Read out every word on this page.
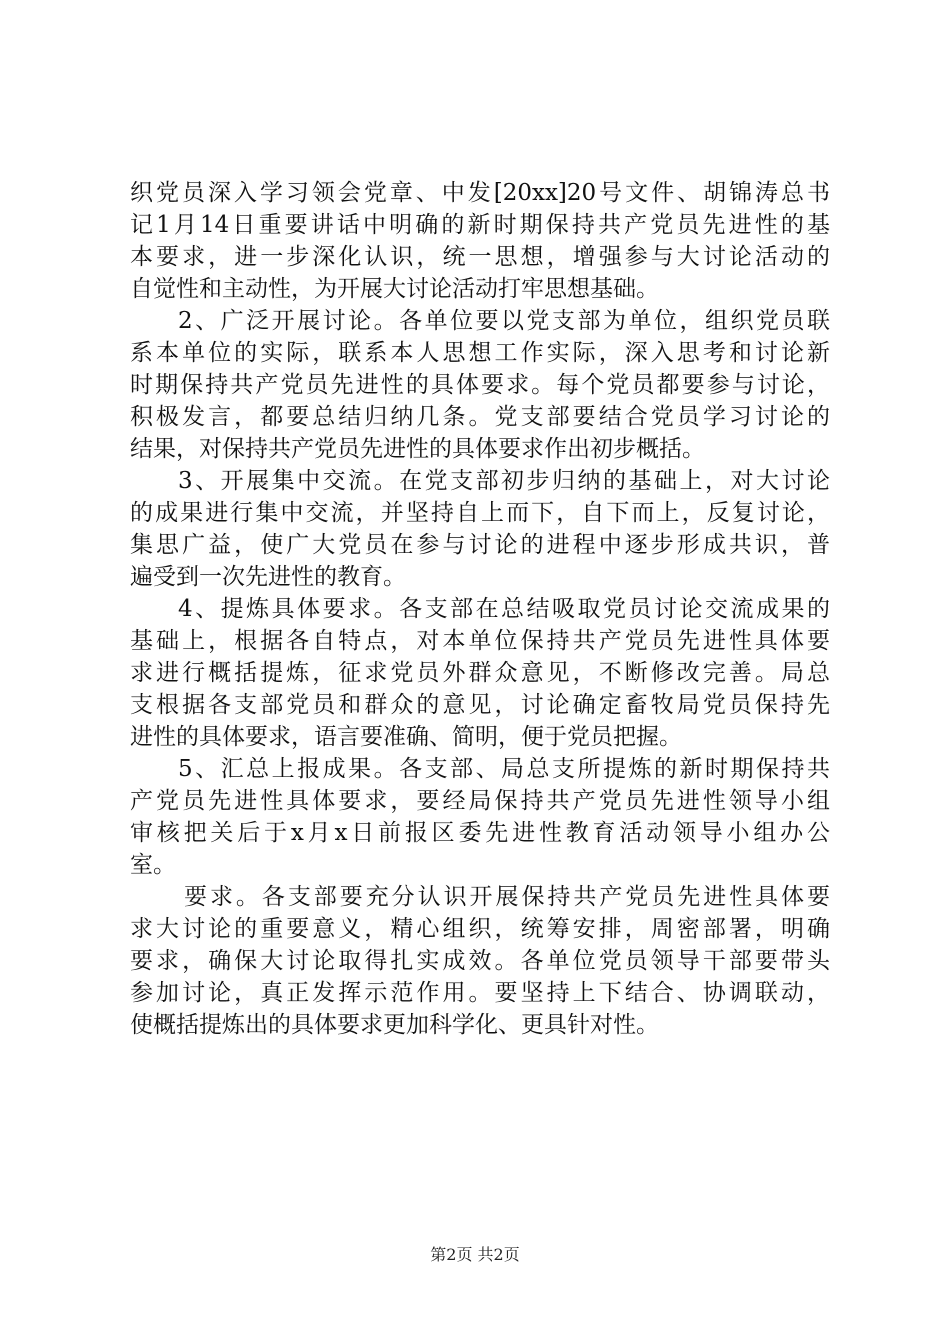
织党员深入学习领会党章、中发[20xx]20号文件、胡锦涛总书
记1月14日重要讲话中明确的新时期保持共产党员先进性的基
本要求，进一步深化认识，统一思想，增强参与大讨论活动的
自觉性和主动性，为开展大讨论活动打牢思想基础。
2、广泛开展讨论。各单位要以党支部为单位，组织党员联
系本单位的实际，联系本人思想工作实际，深入思考和讨论新
时期保持共产党员先进性的具体要求。每个党员都要参与讨论，
积极发言，都要总结归纳几条。党支部要结合党员学习讨论的
结果，对保持共产党员先进性的具体要求作出初步概括。
3、开展集中交流。在党支部初步归纳的基础上，对大讨论
的成果进行集中交流，并坚持自上而下，自下而上，反复讨论，
集思广益，使广大党员在参与讨论的进程中逐步形成共识，普
遍受到一次先进性的教育。
4、提炼具体要求。各支部在总结吸取党员讨论交流成果的
基础上，根据各自特点，对本单位保持共产党员先进性具体要
求进行概括提炼，征求党员外群众意见，不断修改完善。局总
支根据各支部党员和群众的意见，讨论确定畜牧局党员保持先
进性的具体要求，语言要准确、简明，便于党员把握。
5、汇总上报成果。各支部、局总支所提炼的新时期保持共
产党员先进性具体要求，要经局保持共产党员先进性领导小组
审核把关后于x月x日前报区委先进性教育活动领导小组办公
室。
要求。各支部要充分认识开展保持共产党员先进性具体要
求大讨论的重要意义，精心组织，统筹安排，周密部署，明确
要求，确保大讨论取得扎实成效。各单位党员领导干部要带头
参加讨论，真正发挥示范作用。要坚持上下结合、协调联动，
使概括提炼出的具体要求更加科学化、更具针对性。
第2页 共2页
